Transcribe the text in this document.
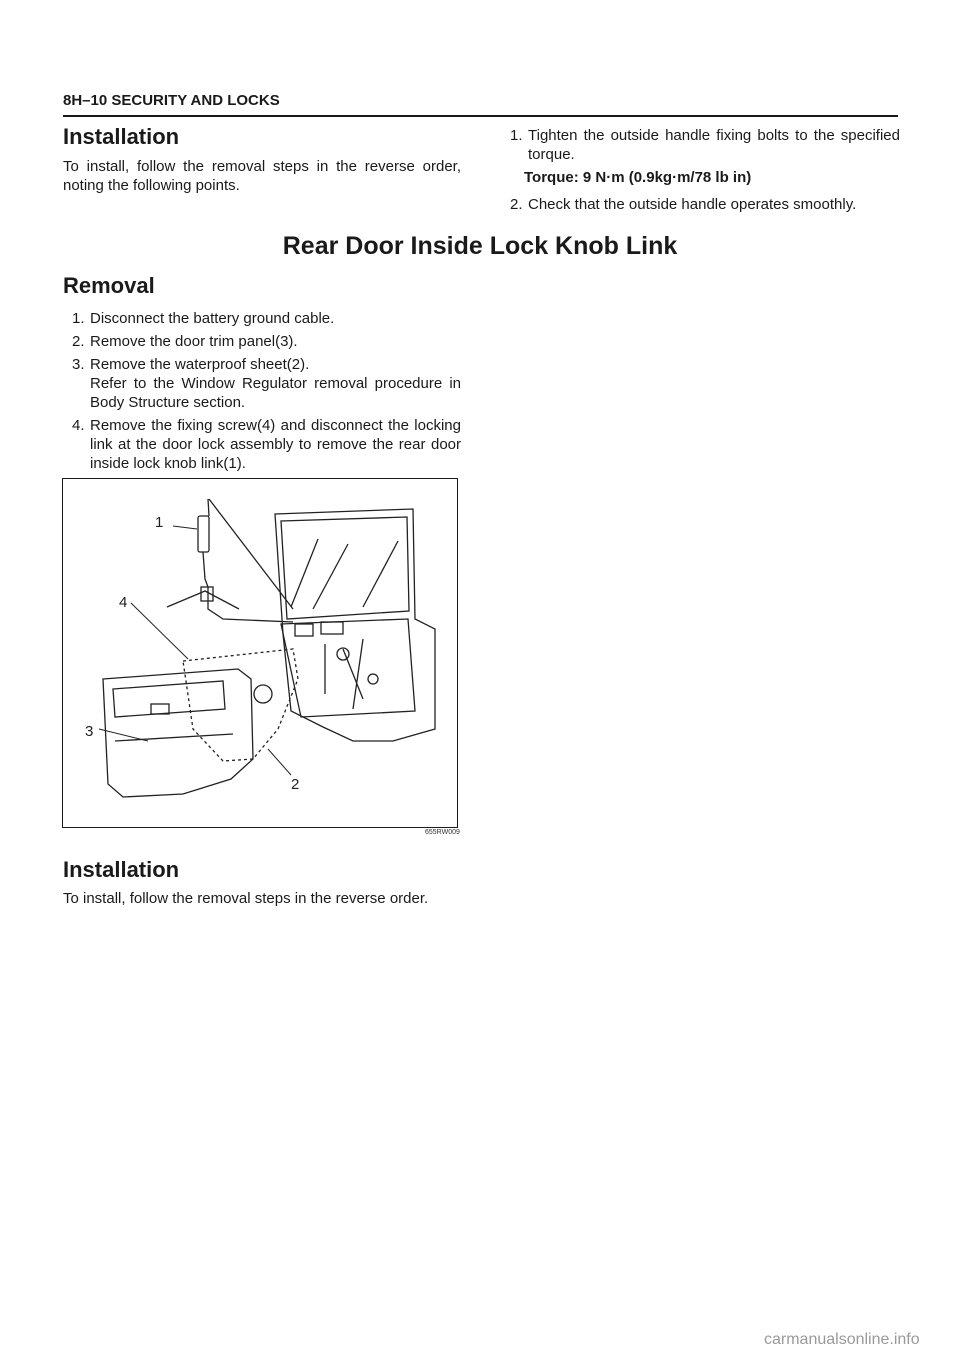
8H–10 SECURITY AND LOCKS
Installation
To install, follow the removal steps in the reverse order, noting the following points.
1. Tighten the outside handle fixing bolts to the specified torque.
Torque: 9 N·m (0.9kg·m/78 lb in)
2. Check that the outside handle operates smoothly.
Rear Door Inside Lock Knob Link
Removal
1. Disconnect the battery ground cable.
2. Remove the door trim panel(3).
3. Remove the waterproof sheet(2).
Refer to the Window Regulator removal procedure in Body Structure section.
4. Remove the fixing screw(4) and disconnect the locking link at the door lock assembly to remove the rear door inside lock knob link(1).
1
2
3
4
655RW009
Installation
To install, follow the removal steps in the reverse order.
carmanualsonline.info
